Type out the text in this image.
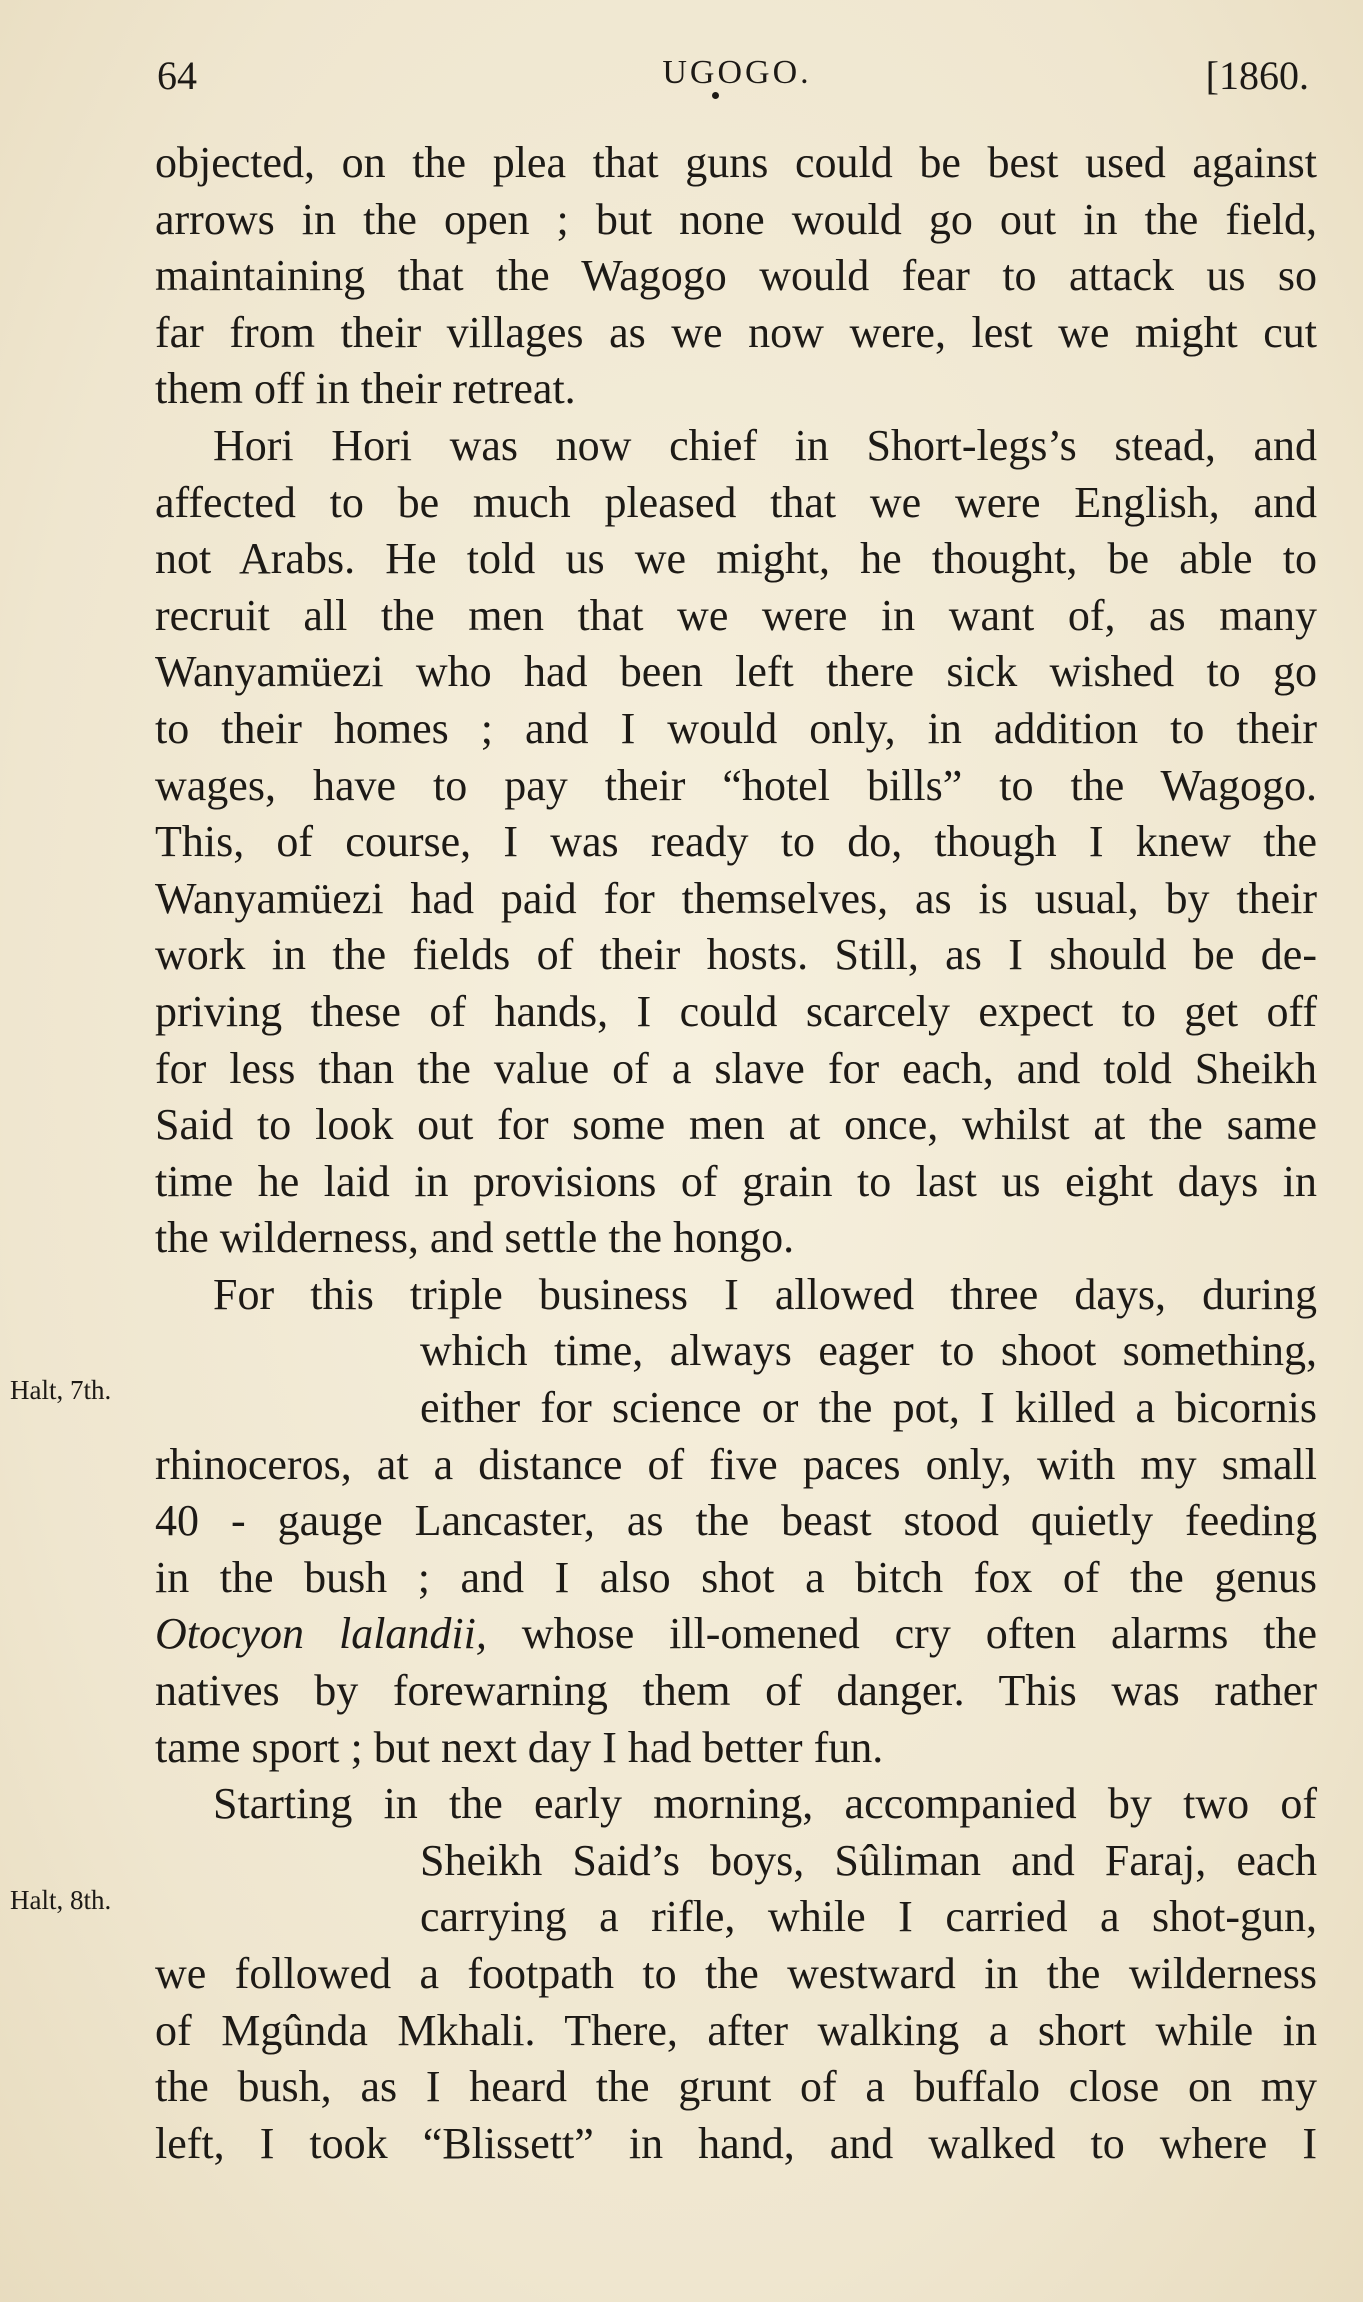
64	UGOGO.	[1860.
Halt, 7th.
Halt, 8th.
objected, on the plea that guns could be best used against
arrows in the open ; but none would go out in the field,
maintaining that the Wagogo would fear to attack us so
far from their villages as we now were, lest we might cut
them off in their retreat.
Hori Hori was now chief in Short-legs’s stead, and
affected to be much pleased that we were English, and
not Arabs. He told us we might, he thought, be able to
recruit all the men that we were in want of, as many
Wanyamüezi who had been left there sick wished to go
to their homes ; and I would only, in addition to their
wages, have to pay their “hotel bills” to the Wagogo.
This, of course, I was ready to do, though I knew the
Wanyamüezi had paid for themselves, as is usual, by their
work in the fields of their hosts. Still, as I should be de-
priving these of hands, I could scarcely expect to get off
for less than the value of a slave for each, and told Sheikh
Said to look out for some men at once, whilst at the same
time he laid in provisions of grain to last us eight days in
the wilderness, and settle the hongo.
For this triple business I allowed three days, during
which time, always eager to shoot something,
either for science or the pot, I killed a bicornis
rhinoceros, at a distance of five paces only, with my small
40 - gauge Lancaster, as the beast stood quietly feeding
in the bush ; and I also shot a bitch fox of the genus
Otocyon lalandii, whose ill-omened cry often alarms the
natives by forewarning them of danger. This was rather
tame sport ; but next day I had better fun.
Starting in the early morning, accompanied by two of
Sheikh Said’s boys, Sûliman and Faraj, each
carrying a rifle, while I carried a shot-gun,
we followed a footpath to the westward in the wilderness
of Mgûnda Mkhali. There, after walking a short while in
the bush, as I heard the grunt of a buffalo close on my
left, I took “Blissett” in hand, and walked to where I
